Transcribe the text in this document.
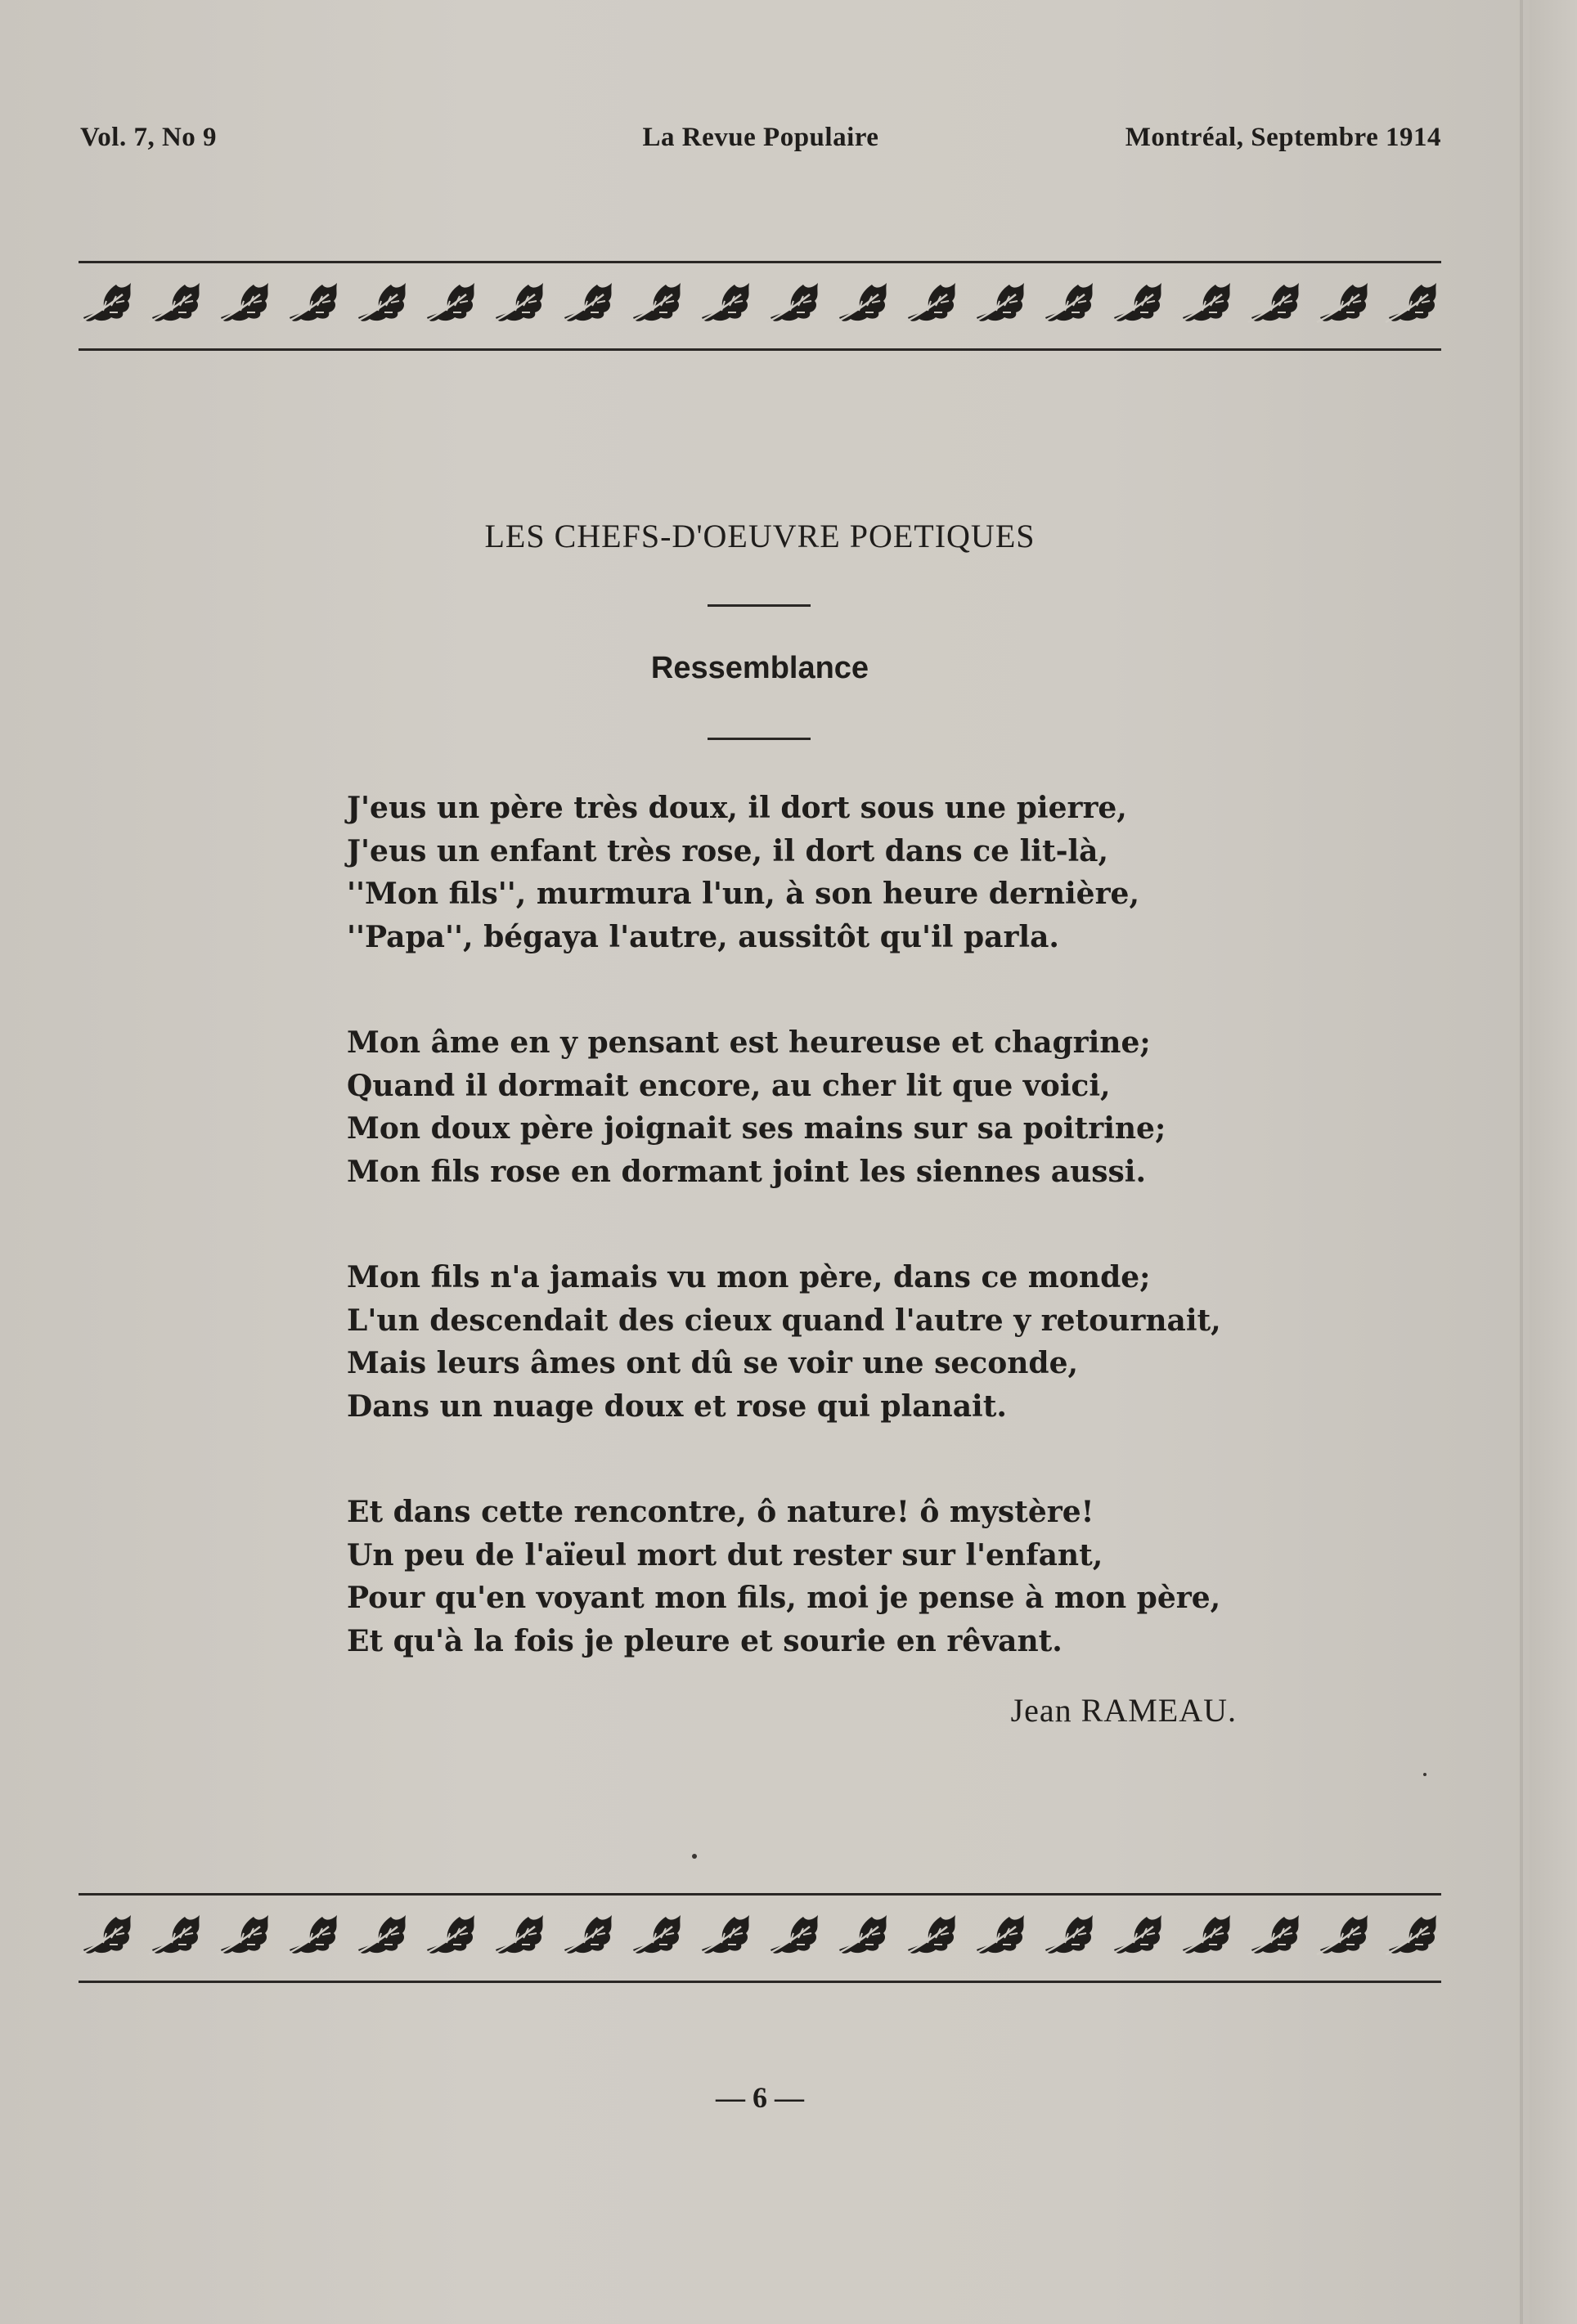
Vol. 7, No 9	La Revue Populaire	Montréal, Septembre 1914
LES CHEFS-D'OEUVRE POETIQUES
Ressemblance
J'eus un père très doux, il dort sous une pierre,
J'eus un enfant très rose, il dort dans ce lit-là,
''Mon fils'', murmura l'un, à son heure dernière,
''Papa'', bégaya l'autre, aussitôt qu'il parla.
Mon âme en y pensant est heureuse et chagrine;
Quand il dormait encore, au cher lit que voici,
Mon doux père joignait ses mains sur sa poitrine;
Mon fils rose en dormant joint les siennes aussi.
Mon fils n'a jamais vu mon père, dans ce monde;
L'un descendait des cieux quand l'autre y retournait,
Mais leurs âmes ont dû se voir une seconde,
Dans un nuage doux et rose qui planait.
Et dans cette rencontre, ô nature! ô mystère!
Un peu de l'aïeul mort dut rester sur l'enfant,
Pour qu'en voyant mon fils, moi je pense à mon père,
Et qu'à la fois je pleure et sourie en rêvant.
Jean RAMEAU.
— 6 —
